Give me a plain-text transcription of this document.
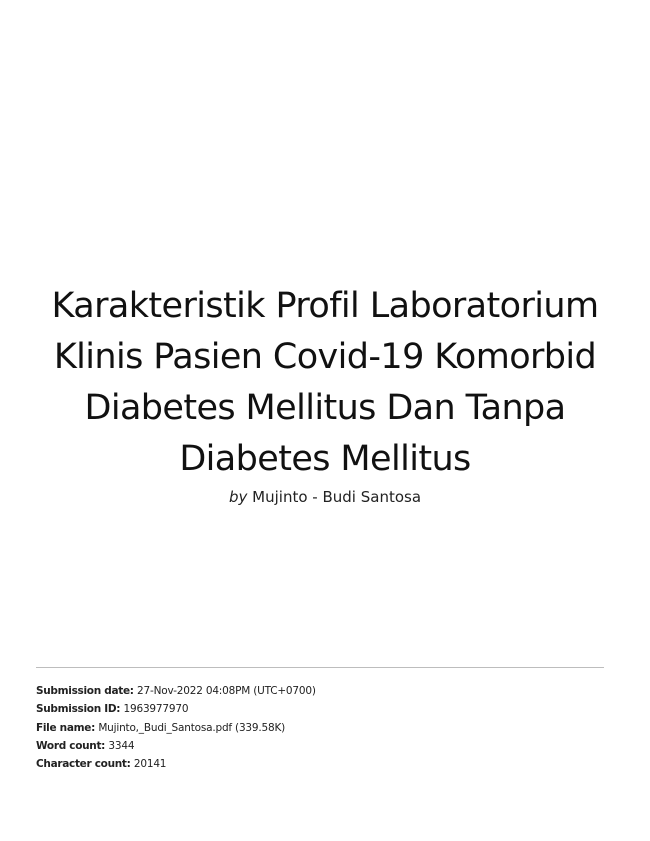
Karakteristik Profil Laboratorium Klinis Pasien Covid-19 Komorbid Diabetes Mellitus Dan Tanpa Diabetes Mellitus
by Mujinto - Budi Santosa
Submission date: 27-Nov-2022 04:08PM (UTC+0700)
Submission ID: 1963977970
File name: Mujinto,_Budi_Santosa.pdf (339.58K)
Word count: 3344
Character count: 20141
